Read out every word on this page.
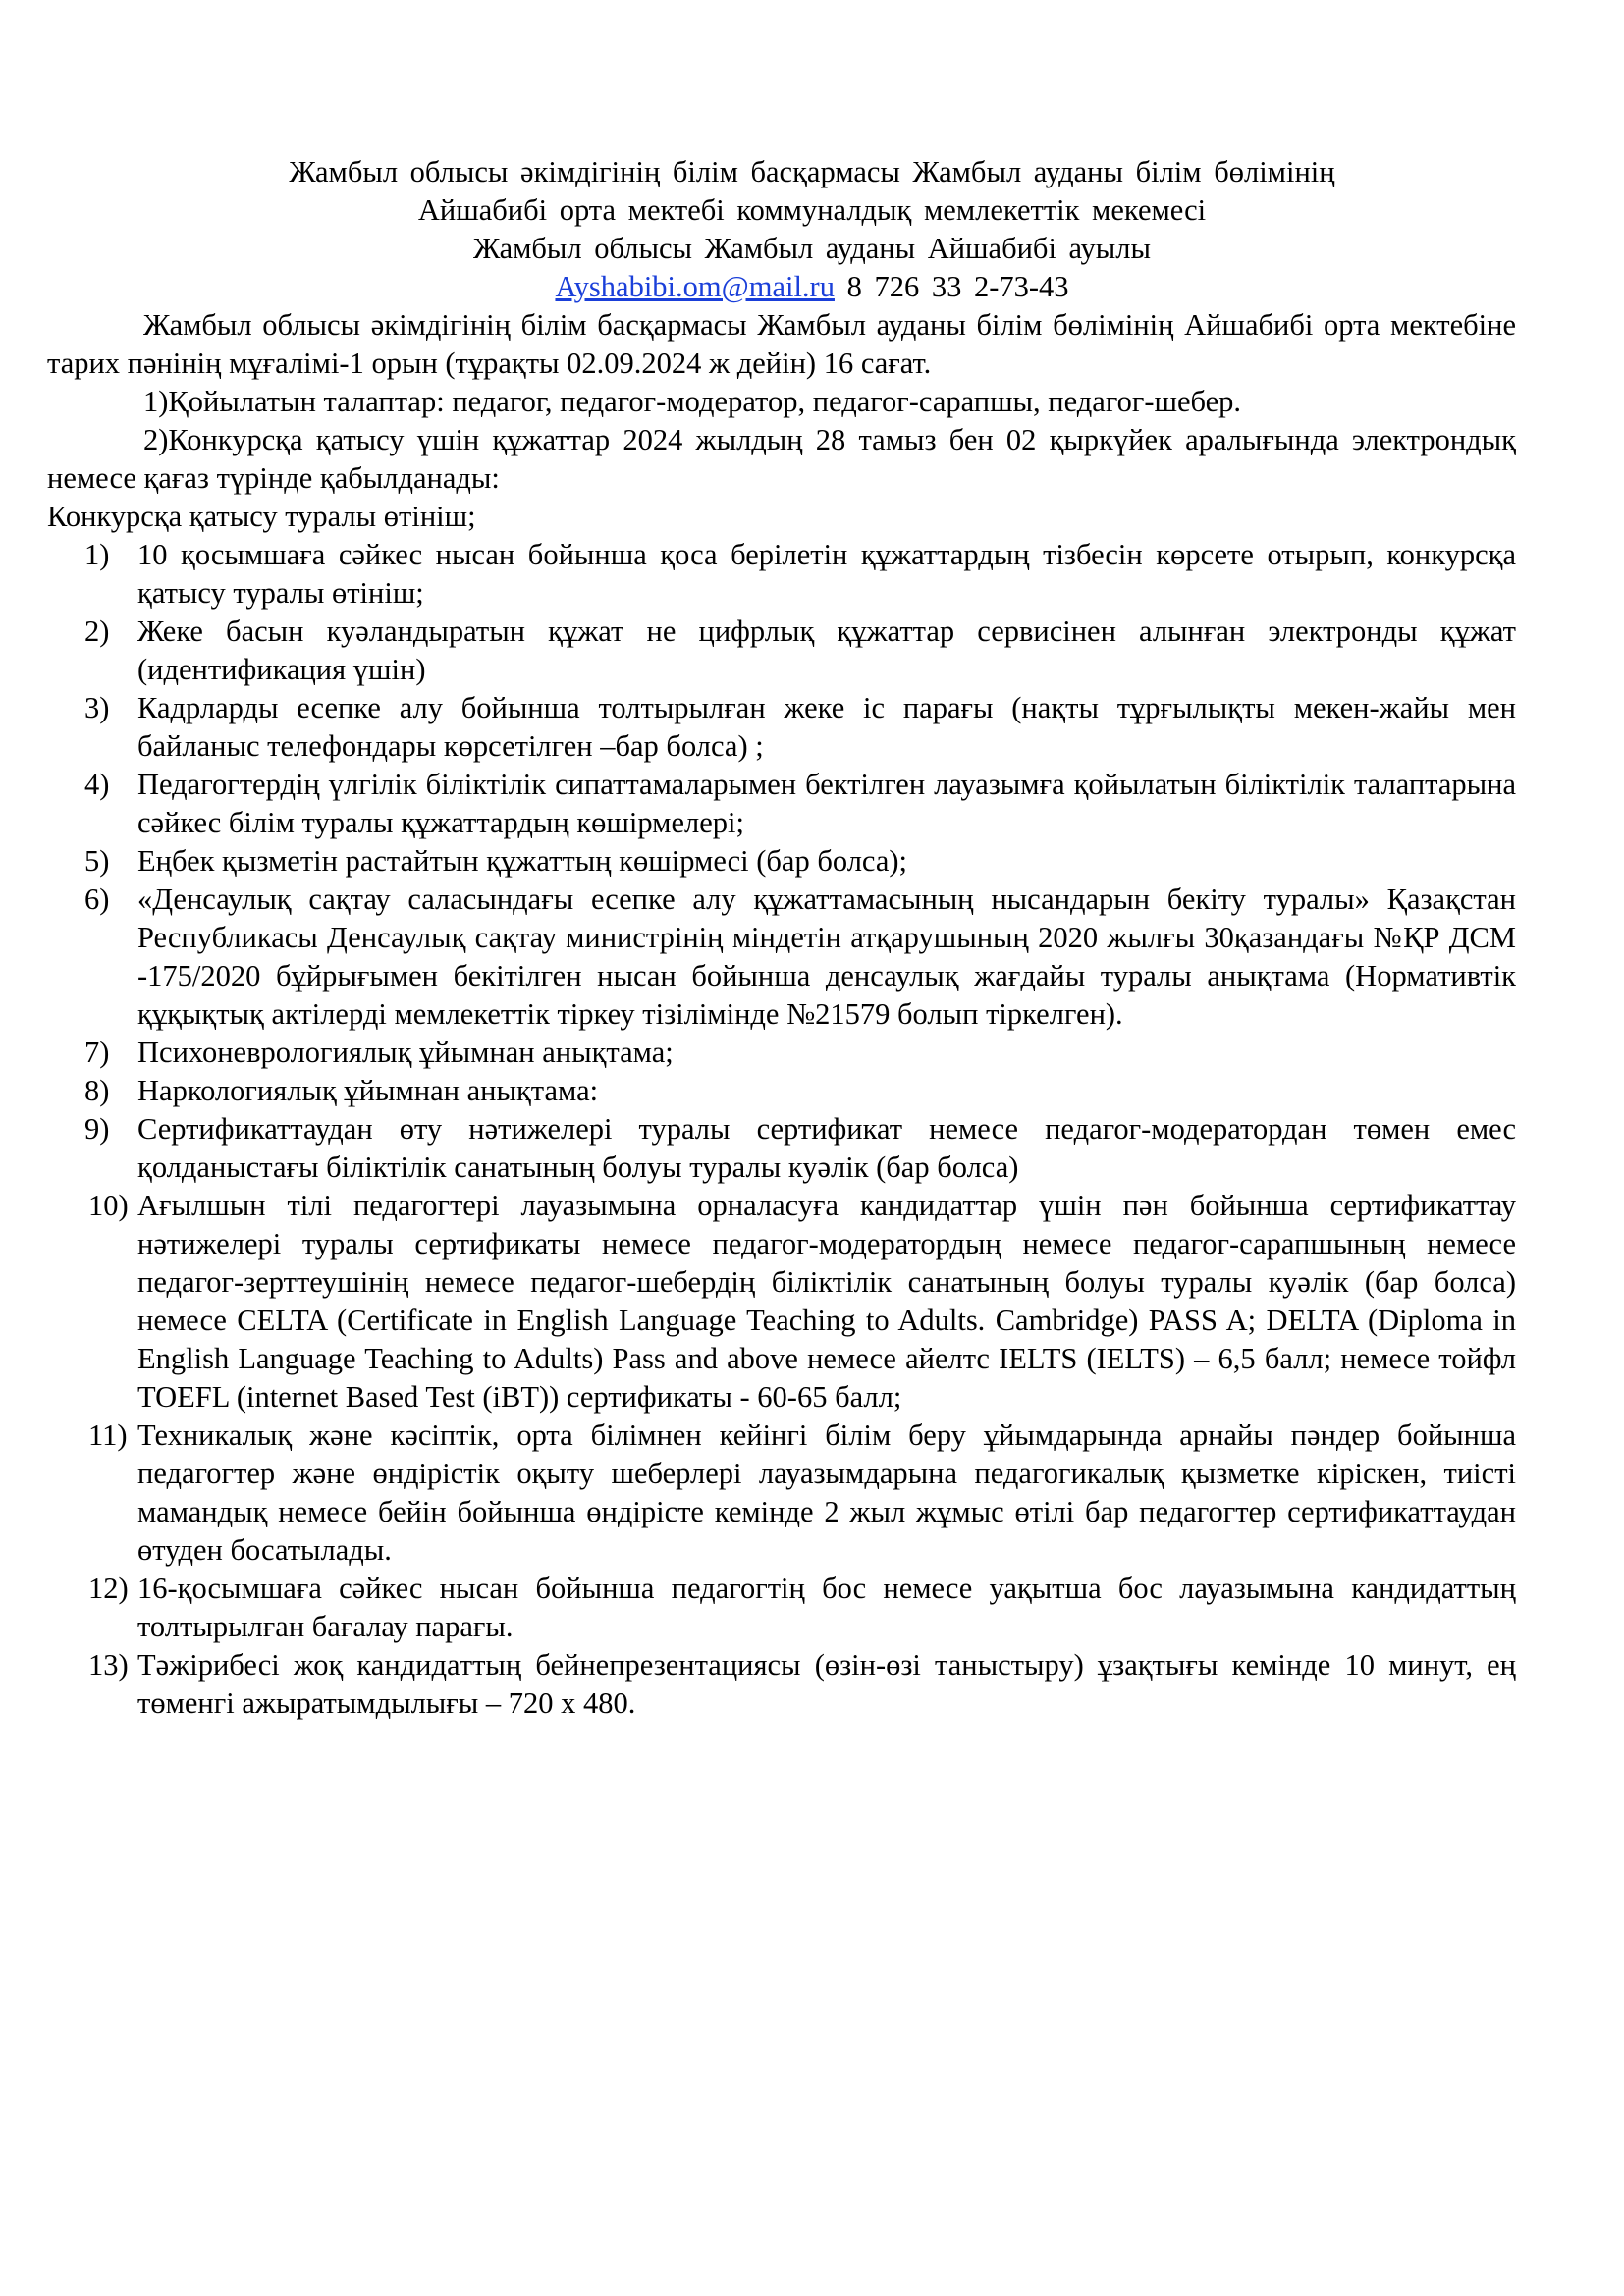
Жамбыл облысы әкімдігінің білім басқармасы Жамбыл ауданы білім бөлімінің
Айшабибі орта мектебі коммуналдық мемлекеттік мекемесі
Жамбыл облысы Жамбыл ауданы Айшабибі ауылы
Ayshabibi.om@mail.ru 8 726 33 2-73-43
Жамбыл облысы әкімдігінің білім басқармасы Жамбыл ауданы білім бөлімінің Айшабибі орта мектебіне тарих пәнінің мұғалімі-1 орын (тұрақты 02.09.2024 ж дейін) 16 сағат.
1)Қойылатын талаптар: педагог, педагог-модератор, педагог-сарапшы, педагог-шебер.
2)Конкурсқа қатысу үшін құжаттар 2024 жылдың 28 тамыз бен 02 қыркүйек аралығында электрондық немесе қағаз түрінде қабылданады:
Конкурсқа қатысу туралы өтініш;
1) 10 қосымшаға сәйкес нысан бойынша қоса берілетін құжаттардың тізбесін көрсете отырып, конкурсқа қатысу туралы өтініш;
2) Жеке басын куәландыратын құжат не цифрлық құжаттар сервисінен алынған электронды құжат (идентификация үшін)
3) Кадрларды есепке алу бойынша толтырылған жеке іс парағы (нақты тұрғылықты мекен-жайы мен байланыс телефондары көрсетілген –бар болса) ;
4) Педагогтердің үлгілік біліктілік сипаттамаларымен бектілген лауазымға қойылатын біліктілік талаптарына сәйкес білім туралы құжаттардың көшірмелері;
5) Еңбек қызметін растайтын құжаттың көшірмесі (бар болса);
6) «Денсаулық сақтау саласындағы есепке алу құжаттамасының нысандарын бекіту туралы» Қазақстан Республикасы Денсаулық сақтау министрінің міндетін атқарушының 2020 жылғы 30қазандағы №ҚР ДСМ -175/2020 бұйрығымен бекітілген нысан бойынша денсаулық жағдайы туралы анықтама (Нормативтік құқықтық актілерді мемлекеттік тіркеу тізілімінде №21579 болып тіркелген).
7) Психоневрологиялық ұйымнан анықтама;
8) Наркологиялық ұйымнан анықтама:
9) Сертификаттаудан өту нәтижелері туралы сертификат немесе педагог-модератордан төмен емес қолданыстағы біліктілік санатының болуы туралы куәлік (бар болса)
10) Ағылшын тілі педагогтері лауазымына орналасуға кандидаттар үшін пән бойынша сертификаттау нәтижелері туралы сертификаты немесе педагог-модератордың немесе педагог-сарапшының немесе педагог-зерттеушінің немесе педагог-шебердің біліктілік санатының болуы туралы куәлік (бар болса) немесе CELTA (Certificate in English Language Teaching to Adults. Cambridge) PASS A; DELTA (Diploma in English Language Teaching to Adults) Pass and above немесе айелтс IELTS (IELTS) – 6,5 балл; немесе тойфл TOEFL (internet Based Test (iBT)) сертификаты - 60-65 балл;
11) Техникалық және кәсіптік, орта білімнен кейінгі білім беру ұйымдарында арнайы пәндер бойынша педагогтер және өндірістік оқыту шеберлері лауазымдарына педагогикалық қызметке кіріскен, тиісті мамандық немесе бейін бойынша өндірісте кемінде 2 жыл жұмыс өтілі бар педагогтер сертификаттаудан өтуден босатылады.
12) 16-қосымшаға сәйкес нысан бойынша педагогтің бос немесе уақытша бос лауазымына кандидаттың толтырылған бағалау парағы.
13) Тәжірибесі жоқ кандидаттың бейнепрезентациясы (өзін-өзі таныстыру) ұзақтығы кемінде 10 минут, ең төменгі ажыратымдылығы – 720 х 480.
